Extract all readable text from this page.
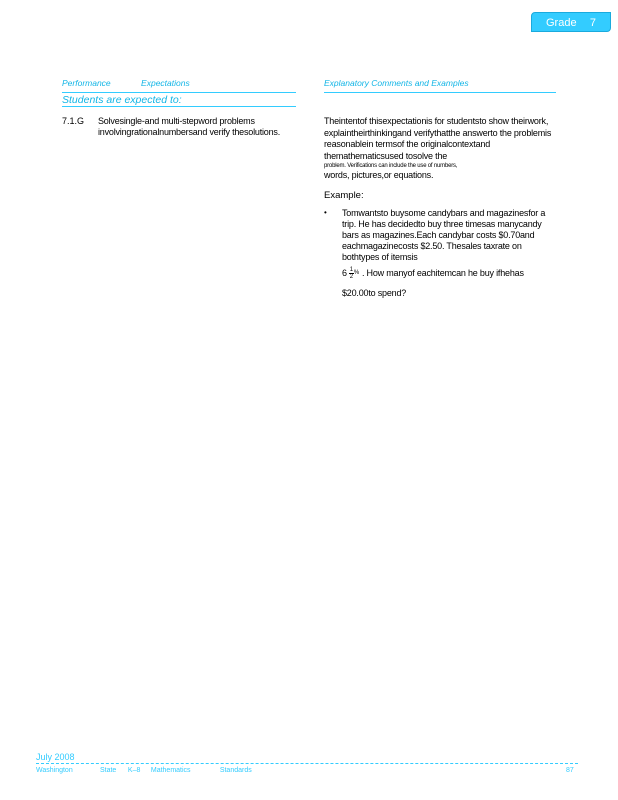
Grade 7
Performance	Expectations	Explanatory Comments and Examples
Students are expected to:
7.1.G Solvesingle-and multi-stepword problems involvingrationalnumbersand verify thesolutions.
Theintentof thisexpectationis for studentsto show theirwork, explaintheirthinkingand verifythatthe answerto the problemis reasonablein termsof the originalcontextand themathematicsused tosolve the
problem. Verifications can include the use of numbers,
words, pictures,or equations.
Example:
• Tomwantsto buysome candybars and magazinesfor a trip. He has decidedto buy three timesas manycandy bars as magazines.Each candybar costs $0.70and eachmagazinecosts $2.50. Thesales taxrate on bothtypes of itemsis
6 1
2
% . How manyof eachitemcan he buy ifhehas
$20.00to spend?
July 2008
Washington	State K–8 Mathematics	Standards	87
